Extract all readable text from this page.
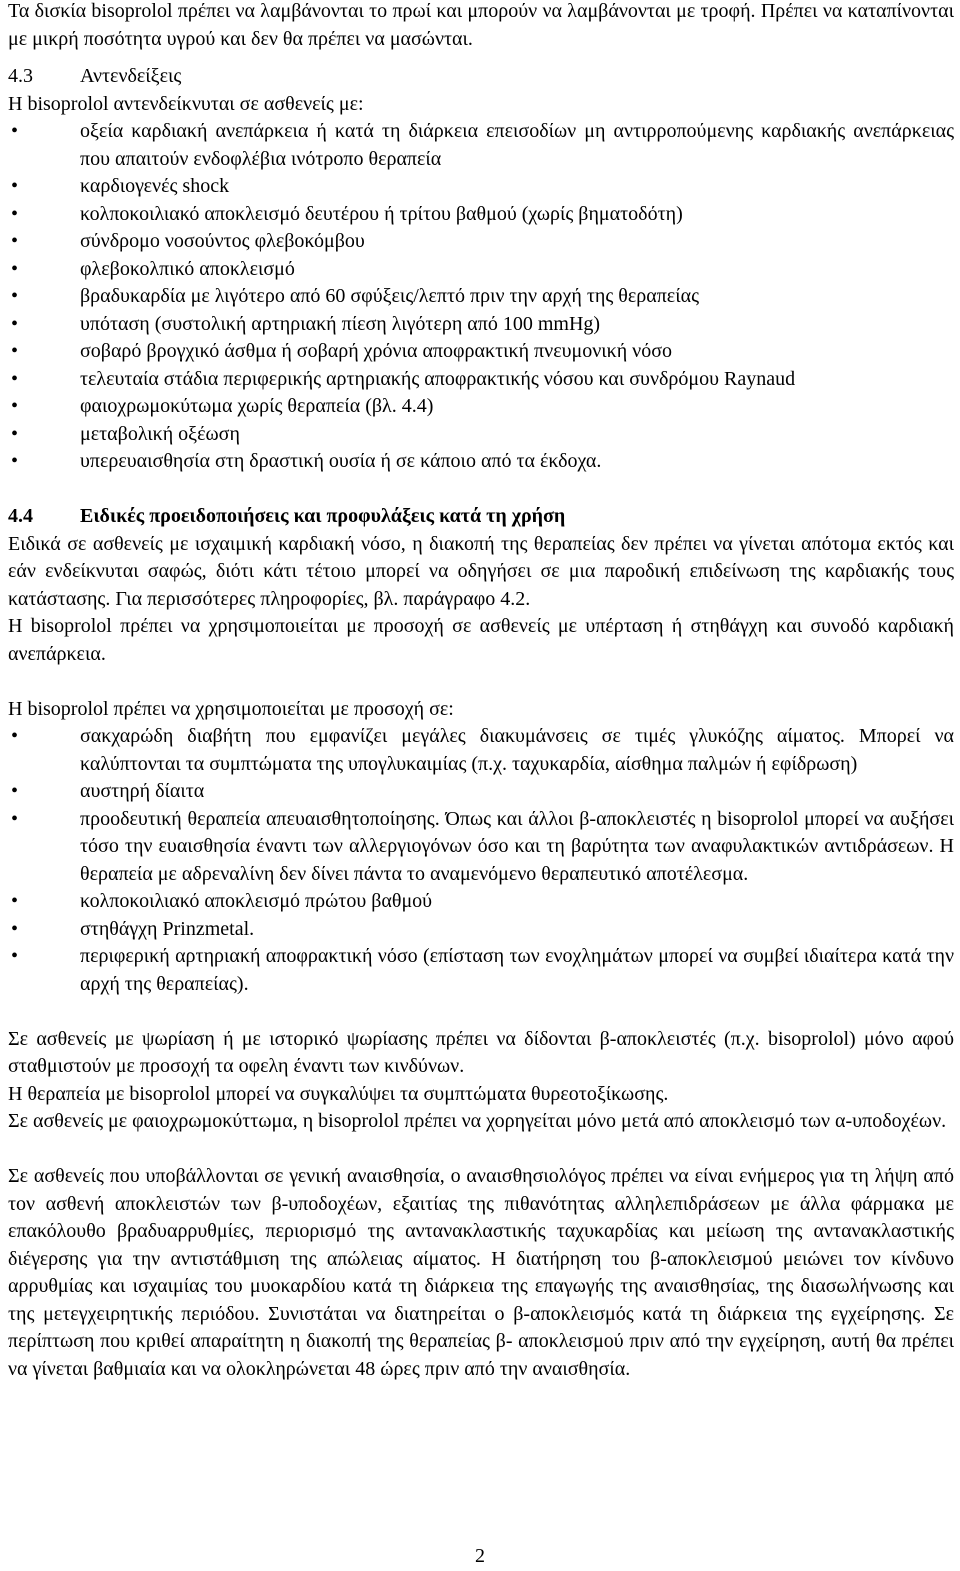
Τα δισκία bisoprolol πρέπει να λαμβάνονται το πρωί και μπορούν να λαμβάνονται με τροφή. Πρέπει να καταπίνονται με μικρή ποσότητα υγρού και δεν θα πρέπει να μασώνται.

4.3	Αντενδείξεις

Η bisoprolol αντενδείκνυται σε ασθενείς με:

•	οξεία καρδιακή ανεπάρκεια ή κατά τη διάρκεια επεισοδίων μη αντιρροπούμενης καρδιακής ανεπάρκειας που απαιτούν ενδοφλέβια ινότροπο θεραπεία
•	καρδιογενές shock
•	κολποκοιλιακό αποκλεισμό δευτέρου ή τρίτου βαθμού (χωρίς βηματοδότη)
•	σύνδρομο νοσούντος φλεβοκόμβου
•	φλεβοκολπικό αποκλεισμό
•	βραδυκαρδία με λιγότερο από 60 σφύξεις/λεπτό πριν την αρχή της θεραπείας
•	υπόταση (συστολική αρτηριακή πίεση λιγότερη από 100 mmHg)
•	σοβαρό βρογχικό άσθμα ή σοβαρή χρόνια αποφρακτική πνευμονική νόσο
•	τελευταία στάδια περιφερικής αρτηριακής αποφρακτικής νόσου και συνδρόμου Raynaud
•	φαιοχρωμοκύτωμα χωρίς θεραπεία (βλ. 4.4)
•	μεταβολική οξέωση
•	υπερευαισθησία στη δραστική ουσία ή σε κάποιο από τα έκδοχα.
4.4	Ειδικές προειδοποιήσεις και προφυλάξεις κατά τη χρήση

Ειδικά σε ασθενείς με ισχαιμική καρδιακή νόσο, η διακοπή της θεραπείας δεν πρέπει να γίνεται απότομα εκτός και εάν ενδείκνυται σαφώς, διότι κάτι τέτοιο μπορεί να οδηγήσει σε μια παροδική επιδείνωση της καρδιακής τους κατάστασης. Για περισσότερες πληροφορίες, βλ. παράγραφο 4.2.

Η bisoprolol πρέπει να χρησιμοποιείται με προσοχή σε ασθενείς με υπέρταση ή στηθάγχη και συνοδό καρδιακή ανεπάρκεια.

Η bisoprolol πρέπει να χρησιμοποιείται με προσοχή σε:

•	σακχαρώδη διαβήτη που εμφανίζει μεγάλες διακυμάνσεις σε τιμές γλυκόζης αίματος. Μπορεί να καλύπτονται τα συμπτώματα της υπογλυκαιμίας (π.χ. ταχυκαρδία, αίσθημα παλμών ή εφίδρωση)
•	αυστηρή δίαιτα
•	προοδευτική θεραπεία απευαισθητοποίησης. Όπως και άλλοι β-αποκλειστές η bisoprolol μπορεί να αυξήσει τόσο την ευαισθησία έναντι των αλλεργιογόνων όσο και τη βαρύτητα των αναφυλακτικών αντιδράσεων. Η θεραπεία με αδρεναλίνη δεν δίνει πάντα το αναμενόμενο θεραπευτικό αποτέλεσμα.
•	κολποκοιλιακό αποκλεισμό πρώτου βαθμού
•	στηθάγχη Prinzmetal.
•	περιφερική αρτηριακή αποφρακτική νόσο (επίσταση των ενοχλημάτων μπορεί να συμβεί ιδιαίτερα κατά την αρχή της θεραπείας).

Σε ασθενείς με ψωρίαση ή με ιστορικό ψωρίασης πρέπει να δίδονται β-αποκλειστές (π.χ. bisoprolol) μόνο αφού σταθμιστούν με προσοχή τα οφελη έναντι των κινδύνων.

Η θεραπεία με bisoprolol μπορεί να συγκαλύψει τα συμπτώματα θυρεοτοξίκωσης.

Σε ασθενείς με φαιοχρωμοκύττωμα, η bisoprolol πρέπει να χορηγείται μόνο μετά από αποκλεισμό των α-υποδοχέων.

Σε ασθενείς που υποβάλλονται σε γενική αναισθησία, ο αναισθησιολόγος πρέπει να είναι ενήμερος για τη λήψη από τον ασθενή αποκλειστών των β-υποδοχέων, εξαιτίας της πιθανότητας αλληλεπιδράσεων με άλλα φάρμακα με επακόλουθο βραδυαρρυθμίες, περιορισμό της αντανακλαστικής ταχυκαρδίας και μείωση της αντανακλαστικής διέγερσης για την αντιστάθμιση της απώλειας αίματος. Η διατήρηση του β-αποκλεισμού μειώνει τον κίνδυνο αρρυθμίας και ισχαιμίας του μυοκαρδίου κατά τη διάρκεια της επαγωγής της αναισθησίας, της διασωλήνωσης και της μετεγχειρητικής περιόδου. Συνιστάται να διατηρείται ο β-αποκλεισμός κατά τη διάρκεια της εγχείρησης. Σε περίπτωση που κριθεί απαραίτητη η διακοπή της θεραπείας β- αποκλεισμού πριν από την εγχείρηση, αυτή θα πρέπει να γίνεται βαθμιαία και να ολοκληρώνεται 48 ώρες πριν από την αναισθησία.

2
